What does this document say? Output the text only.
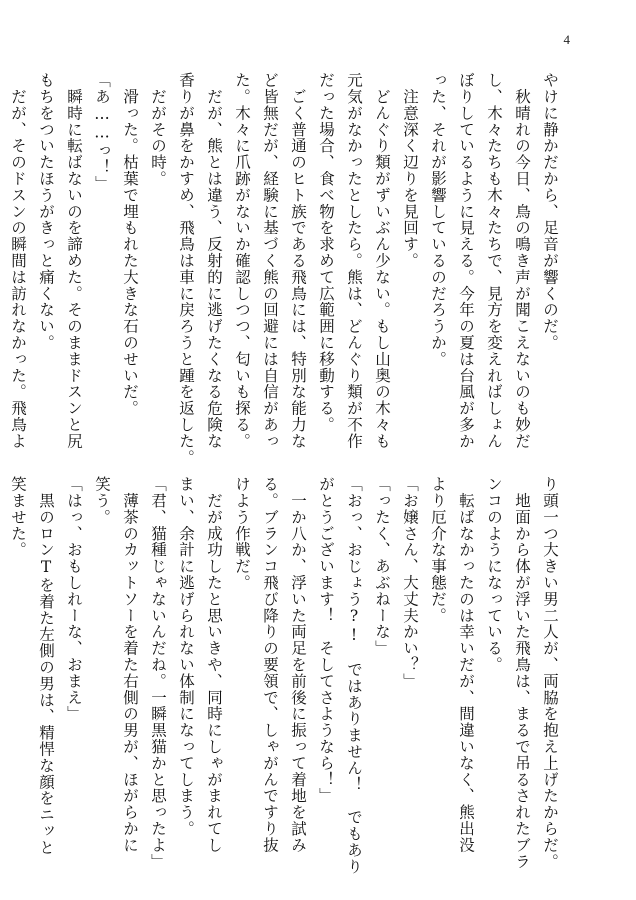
4
やけに静かだから、足音が響くのだ。
　秋晴れの今日、鳥の鳴き声が聞こえないのも妙だ
し、木々たちも木々たちで、見方を変えればしょん
ぼりしているように見える。今年の夏は台風が多か
った、それが影響しているのだろうか。
　注意深く辺りを見回す。
　どんぐり類がずいぶん少ない。もし山奥の木々も
元気がなかったとしたら。熊は、どんぐり類が不作
だった場合、食べ物を求めて広範囲に移動する。
　ごく普通のヒト族である飛鳥には、特別な能力な
ど皆無だが、経験に基づく熊の回避には自信があっ
た。木々に爪跡がないか確認しつつ、匂いも探る。
　だが、熊とは違う、反射的に逃げたくなる危険な
香りが鼻をかすめ、飛鳥は車に戻ろうと踵を返した。
　だがその時。
　滑った。枯葉で埋もれた大きな石のせいだ。
「あ……っ！」
　瞬時に転ばないのを諦めた。そのままドスンと尻
もちをついたほうがきっと痛くない。
　だが、そのドスンの瞬間は訪れなかった。飛鳥よ
り頭一つ大きい男二人が、両脇を抱え上げたからだ。
　地面から体が浮いた飛鳥は、まるで吊るされたブラ
ンコのようになっている。
　転ばなかったのは幸いだが、間違いなく、熊出没
より厄介な事態だ。
「お嬢さん、大丈夫かい？」
「ったく、あぶねーな」
「おっ、おじょう?!　ではありません！　でもあり
がとうございます！　そしてさようなら！」
　一か八か、浮いた両足を前後に振って着地を試み
る。ブランコ飛び降りの要領で、しゃがんですり抜
けよう作戦だ。
　だが成功したと思いきや、同時にしゃがまれてし
まい、余計に逃げられない体制になってしまう。
「君、猫種じゃないんだね。一瞬黒猫かと思ったよ」
　薄茶のカットソーを着た右側の男が、ほがらかに
笑う。
「はっ、おもしれーな、おまえ」
　黒のロンTを着た左側の男は、精悍な顔をニッと
笑ませた。
